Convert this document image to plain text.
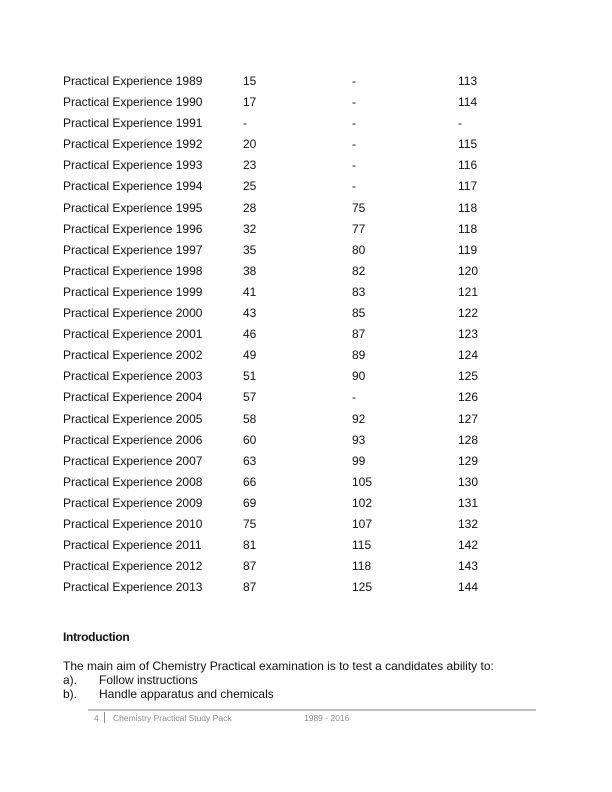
Practical Experience 1989	15	-	113
Practical Experience 1990	17	-	114
Practical Experience 1991	-	-	-
Practical Experience 1992	20	-	115
Practical Experience 1993	23	-	116
Practical Experience 1994	25	-	117
Practical Experience 1995	28	75	118
Practical Experience 1996	32	77	118
Practical Experience 1997	35	80	119
Practical Experience 1998	38	82	120
Practical Experience 1999	41	83	121
Practical Experience 2000	43	85	122
Practical Experience 2001	46	87	123
Practical Experience 2002	49	89	124
Practical Experience 2003	51	90	125
Practical Experience 2004	57	-	126
Practical Experience 2005	58	92	127
Practical Experience 2006	60	93	128
Practical Experience 2007	63	99	129
Practical Experience 2008	66	105	130
Practical Experience 2009	69	102	131
Practical Experience 2010	75	107	132
Practical Experience 2011	81	115	142
Practical Experience 2012	87	118	143
Practical Experience 2013	87	125	144
Introduction

The main aim of Chemistry Practical examination is to test a candidates ability to:

a). Follow instructions
b). Handle apparatus and chemicals
4 Chemistry Practical Study Pack	1989 - 2016
